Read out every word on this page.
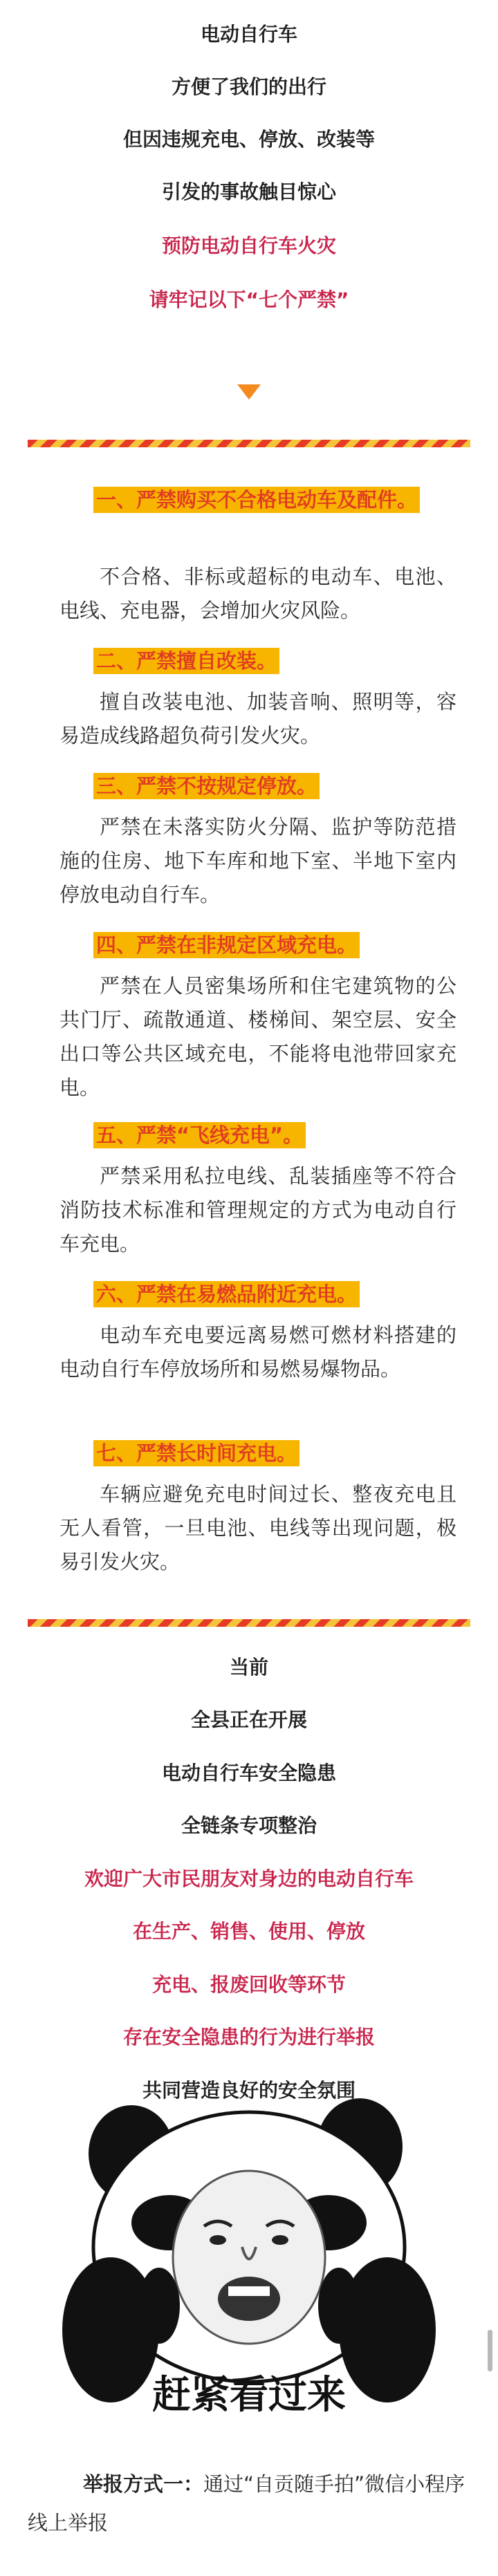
电动自行车
方便了我们的出行
但因违规充电、停放、改装等
引发的事故触目惊心
预防电动自行车火灾
请牢记以下“七个严禁”
一、严禁购买不合格电动车及配件。
不合格、非标或超标的电动车、电池、电线、充电器，会增加火灾风险。
二、严禁擅自改装。
擅自改装电池、加装音响、照明等，容易造成线路超负荷引发火灾。
三、严禁不按规定停放。
严禁在未落实防火分隔、监护等防范措施的住房、地下车库和地下室、半地下室内停放电动自行车。
四、严禁在非规定区域充电。
严禁在人员密集场所和住宅建筑物的公共门厅、疏散通道、楼梯间、架空层、安全出口等公共区域充电，不能将电池带回家充电。
五、严禁“飞线充电”。
严禁采用私拉电线、乱装插座等不符合消防技术标准和管理规定的方式为电动自行车充电。
六、严禁在易燃品附近充电。
电动车充电要远离易燃可燃材料搭建的电动自行车停放场所和易燃易爆物品。
七、严禁长时间充电。
车辆应避免充电时间过长、整夜充电且无人看管，一旦电池、电线等出现问题，极易引发火灾。
当前
全县正在开展
电动自行车安全隐患
全链条专项整治
欢迎广大市民朋友对身边的电动自行车
在生产、销售、使用、停放
充电、报废回收等环节
存在安全隐患的行为进行举报
共同营造良好的安全氛围
赶紧看过来
举报方式一：通过“自贡随手拍”微信小程序线上举报
